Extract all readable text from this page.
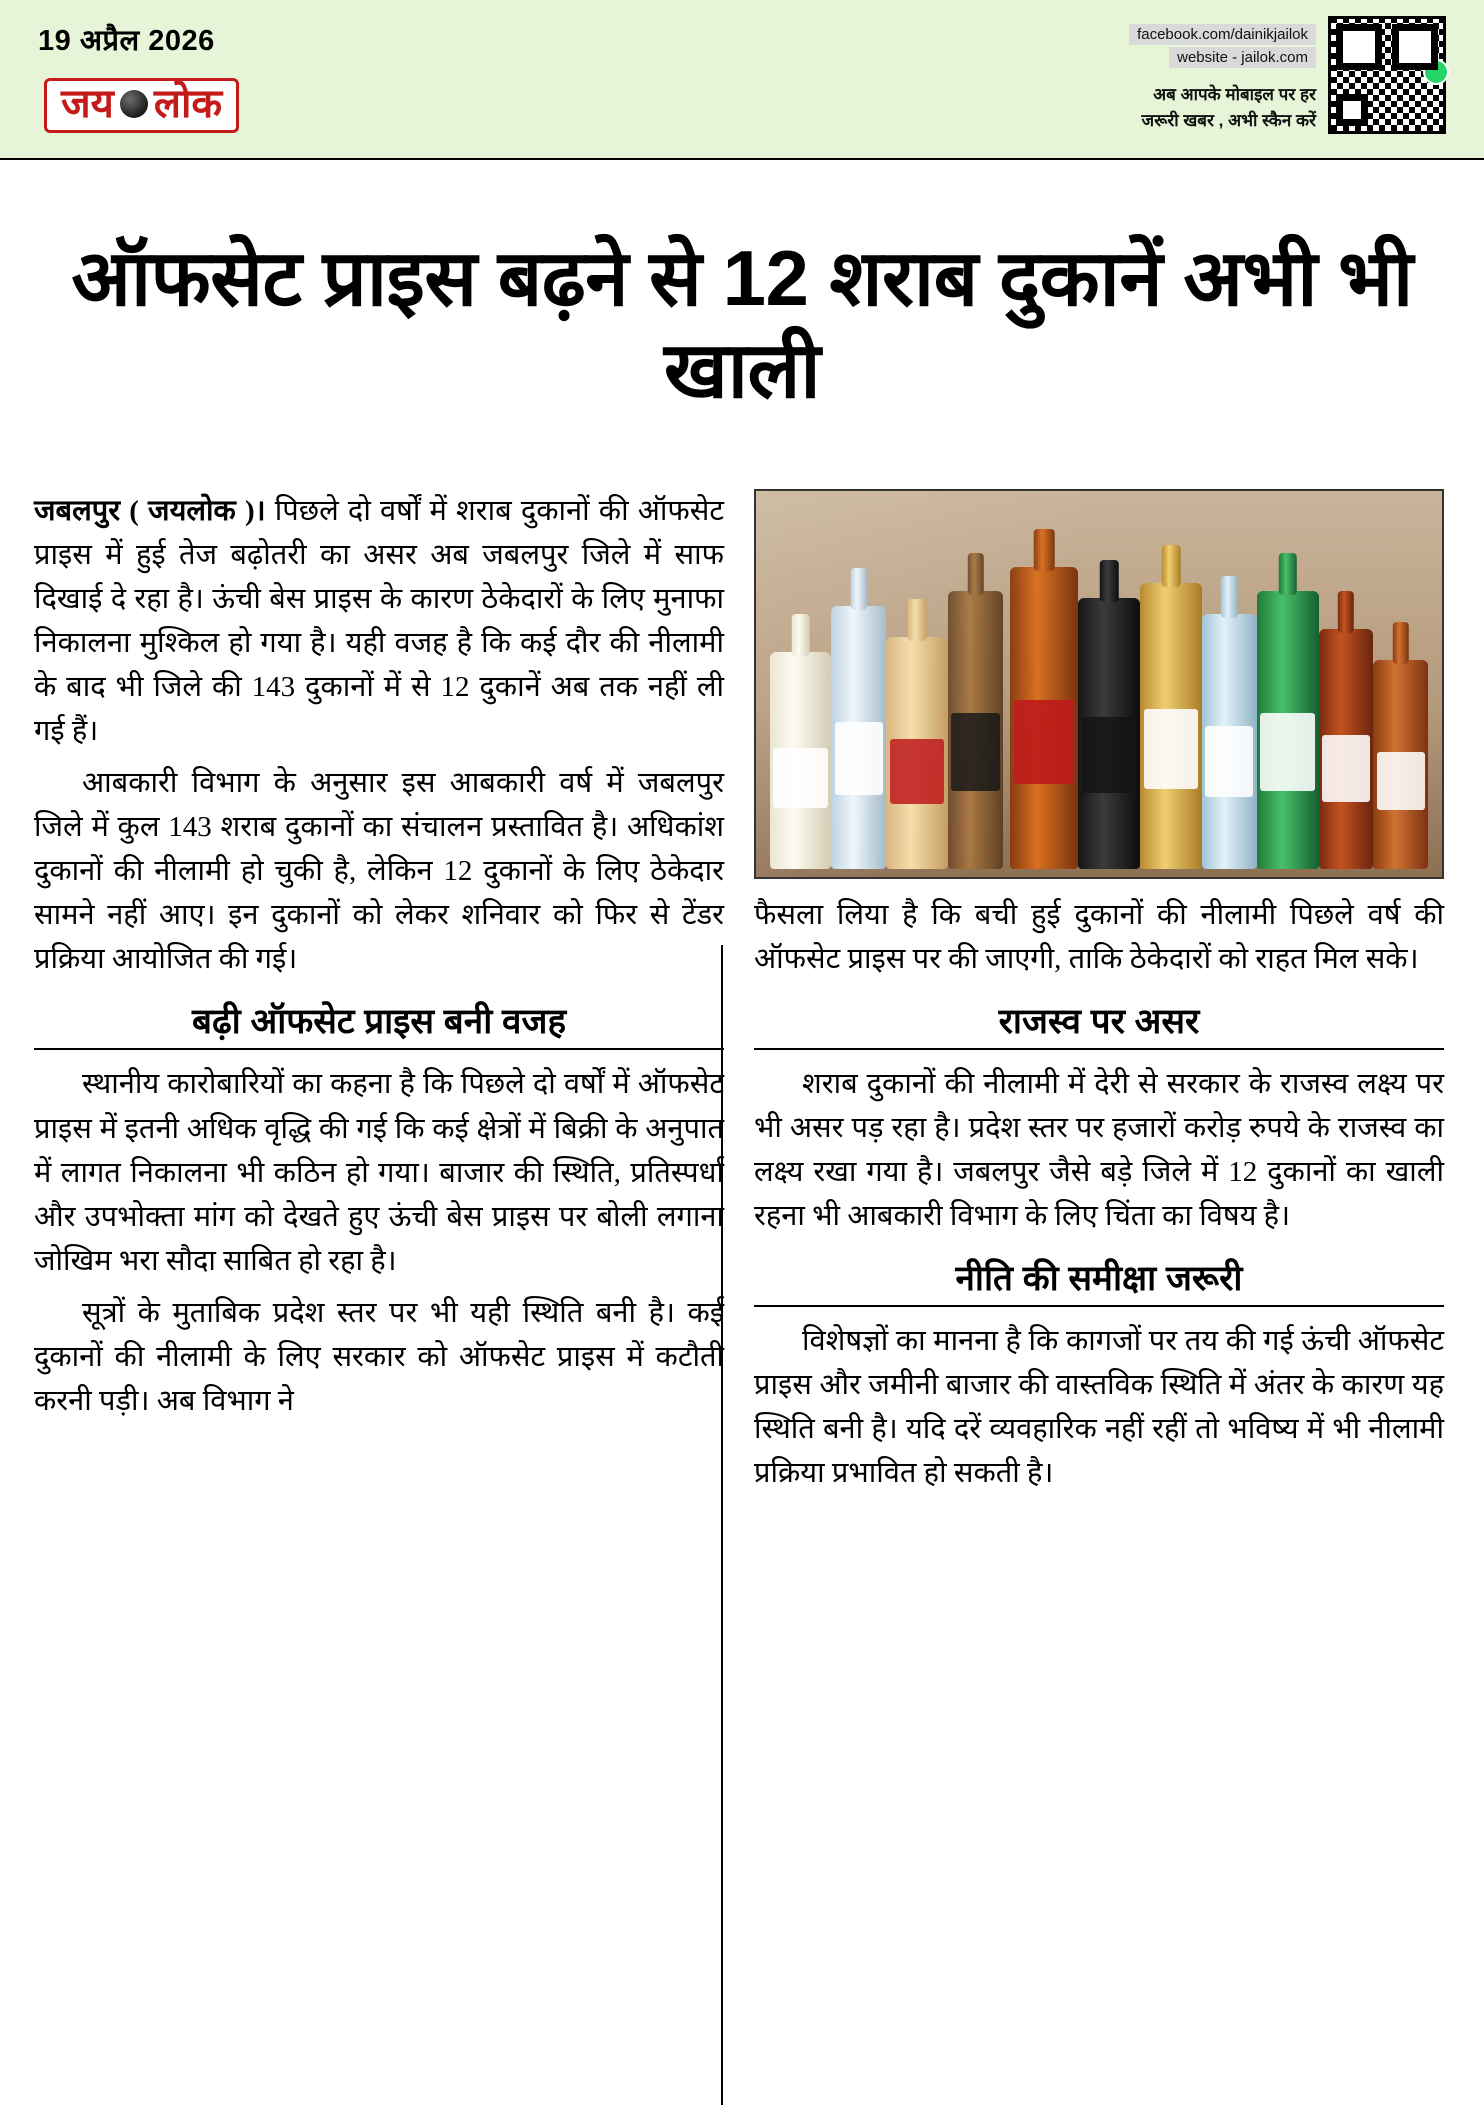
19 अप्रैल 2026
जय लोक
facebook.com/dainikjailok
website - jailok.com
अब आपके मोबाइल पर हर
जरूरी खबर , अभी स्कैन करें
ऑफसेट प्राइस बढ़ने से 12 शराब दुकानें अभी भी खाली

जबलपुर ( जयलोक )। पिछले दो वर्षों में शराब दुकानों की ऑफसेट प्राइस में हुई तेज बढ़ोतरी का असर अब जबलपुर जिले में साफ दिखाई दे रहा है। ऊंची बेस प्राइस के कारण ठेकेदारों के लिए मुनाफा निकालना मुश्किल हो गया है। यही वजह है कि कई दौर की नीलामी के बाद भी जिले की 143 दुकानों में से 12 दुकानें अब तक नहीं ली गई हैं।

आबकारी विभाग के अनुसार इस आबकारी वर्ष में जबलपुर जिले में कुल 143 शराब दुकानों का संचालन प्रस्तावित है। अधिकांश दुकानों की नीलामी हो चुकी है, लेकिन 12 दुकानों के लिए ठेकेदार सामने नहीं आए। इन दुकानों को लेकर शनिवार को फिर से टेंडर प्रक्रिया आयोजित की गई।

बढ़ी ऑफसेट प्राइस बनी वजह

स्थानीय कारोबारियों का कहना है कि पिछले दो वर्षों में ऑफसेट प्राइस में इतनी अधिक वृद्धि की गई कि कई क्षेत्रों में बिक्री के अनुपात में लागत निकालना भी कठिन हो गया। बाजार की स्थिति, प्रतिस्पर्धा और उपभोक्ता मांग को देखते हुए ऊंची बेस प्राइस पर बोली लगाना जोखिम भरा सौदा साबित हो रहा है।

सूत्रों के मुताबिक प्रदेश स्तर पर भी यही स्थिति बनी है। कई दुकानों की नीलामी के लिए सरकार को ऑफसेट प्राइस में कटौती करनी पड़ी। अब विभाग ने

फैसला लिया है कि बची हुई दुकानों की नीलामी पिछले वर्ष की ऑफसेट प्राइस पर की जाएगी, ताकि ठेकेदारों को राहत मिल सके।

राजस्व पर असर

शराब दुकानों की नीलामी में देरी से सरकार के राजस्व लक्ष्य पर भी असर पड़ रहा है। प्रदेश स्तर पर हजारों करोड़ रुपये के राजस्व का लक्ष्य रखा गया है। जबलपुर जैसे बड़े जिले में 12 दुकानों का खाली रहना भी आबकारी विभाग के लिए चिंता का विषय है।

नीति की समीक्षा जरूरी

विशेषज्ञों का मानना है कि कागजों पर तय की गई ऊंची ऑफसेट प्राइस और जमीनी बाजार की वास्तविक स्थिति में अंतर के कारण यह स्थिति बनी है। यदि दरें व्यवहारिक नहीं रहीं तो भविष्य में भी नीलामी प्रक्रिया प्रभावित हो सकती है।
